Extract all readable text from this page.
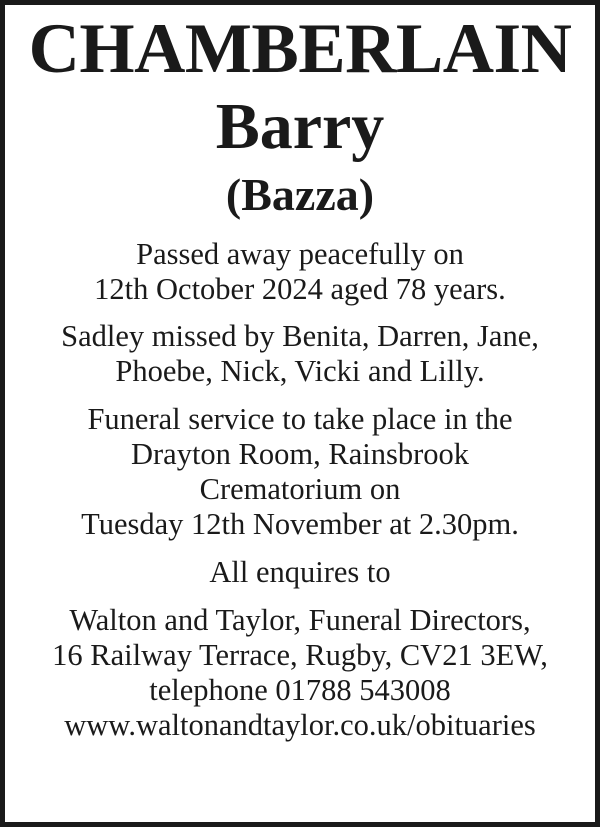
CHAMBERLAIN
Barry
(Bazza)
Passed away peacefully on
12th October 2024 aged 78 years.
Sadley missed by Benita, Darren, Jane,
Phoebe, Nick, Vicki and Lilly.
Funeral service to take place in the
Drayton Room, Rainsbrook
Crematorium on
Tuesday 12th November at 2.30pm.
All enquires to
Walton and Taylor, Funeral Directors,
16 Railway Terrace, Rugby, CV21 3EW,
telephone 01788 543008
www.waltonandtaylor.co.uk/obituaries
